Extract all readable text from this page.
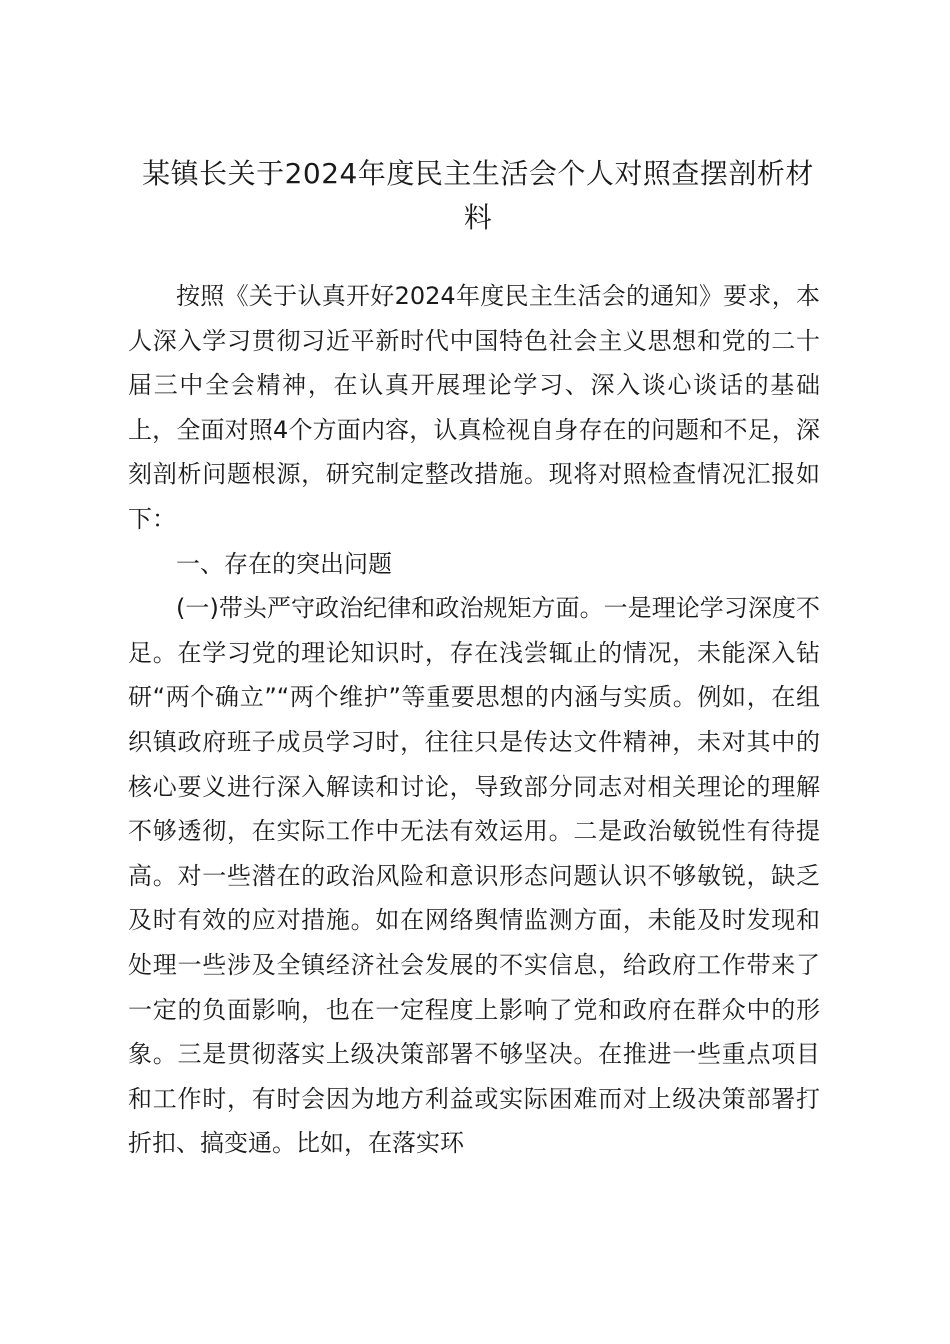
某镇长关于2024年度民主生活会个人对照查摆剖析材料

按照《关于认真开好2024年度民主生活会的通知》要求，本人深入学习贯彻习近平新时代中国特色社会主义思想和党的二十届三中全会精神，在认真开展理论学习、深入谈心谈话的基础上，全面对照4个方面内容，认真检视自身存在的问题和不足，深刻剖析问题根源，研究制定整改措施。现将对照检查情况汇报如下：

一、存在的突出问题

(一)带头严守政治纪律和政治规矩方面。一是理论学习深度不足。在学习党的理论知识时，存在浅尝辄止的情况，未能深入钻研“两个确立”“两个维护”等重要思想的内涵与实质。例如，在组织镇政府班子成员学习时，往往只是传达文件精神，未对其中的核心要义进行深入解读和讨论，导致部分同志对相关理论的理解不够透彻，在实际工作中无法有效运用。二是政治敏锐性有待提高。对一些潜在的政治风险和意识形态问题认识不够敏锐，缺乏及时有效的应对措施。如在网络舆情监测方面，未能及时发现和处理一些涉及全镇经济社会发展的不实信息，给政府工作带来了一定的负面影响，也在一定程度上影响了党和政府在群众中的形象。三是贯彻落实上级决策部署不够坚决。在推进一些重点项目和工作时，有时会因为地方利益或实际困难而对上级决策部署打折扣、搞变通。比如，在落实环
